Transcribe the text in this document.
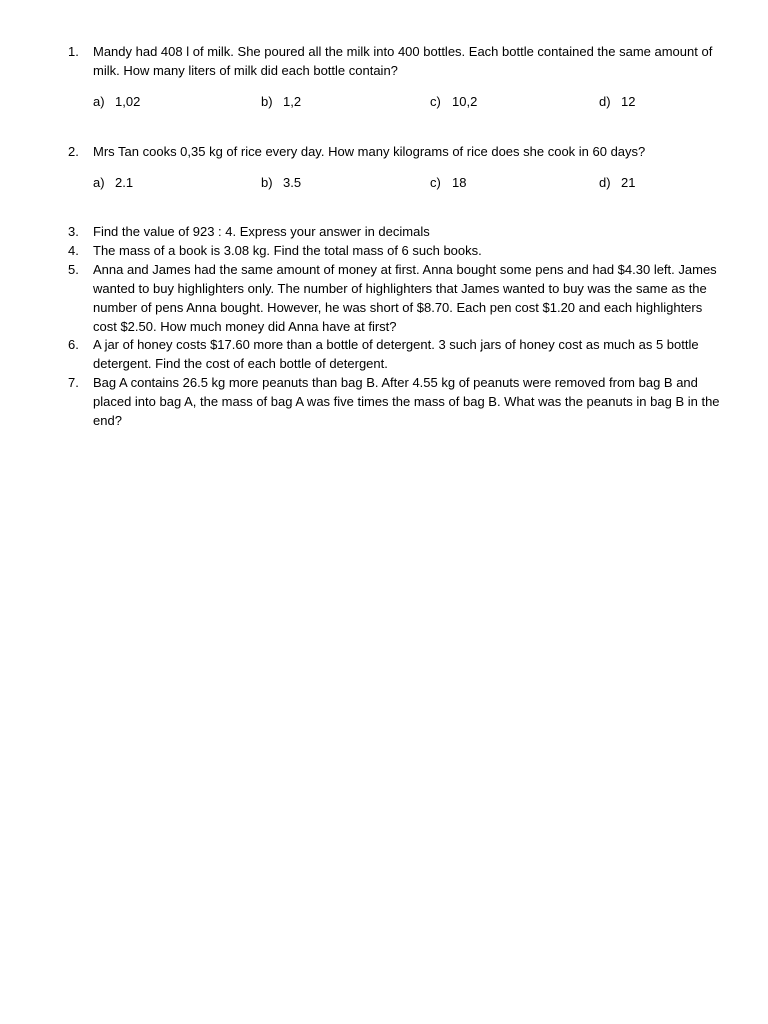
1.	Mandy had 408 l of milk. She poured all the milk into 400 bottles. Each bottle contained the same amount of milk. How many liters of milk did each bottle contain?
a) 1,02	b) 1,2	c) 10,2	d) 12
2.	Mrs Tan cooks 0,35 kg of rice every day. How many kilograms of rice does she cook in 60 days?
a) 2.1	b) 3.5	c) 18	d) 21
3.	Find the value of 923 : 4. Express your answer in decimals
4.	The mass of a book is 3.08 kg. Find the total mass of 6 such books.
5.	Anna and James had the same amount of money at first. Anna bought some pens and had $4.30 left. James wanted to buy highlighters only. The number of highlighters that James wanted to buy was the same as the number of pens Anna bought. However, he was short of $8.70. Each pen cost $1.20 and each highlighters cost $2.50. How much money did Anna have at first?
6.	A jar of honey costs $17.60 more than a bottle of detergent. 3 such jars of honey cost as much as 5 bottle detergent. Find the cost of each bottle of detergent.
7.	Bag A contains 26.5 kg more peanuts than bag B. After 4.55 kg of peanuts were removed from bag B and placed into bag A, the mass of bag A was five times the mass of bag B. What was the peanuts in bag B in the end?
